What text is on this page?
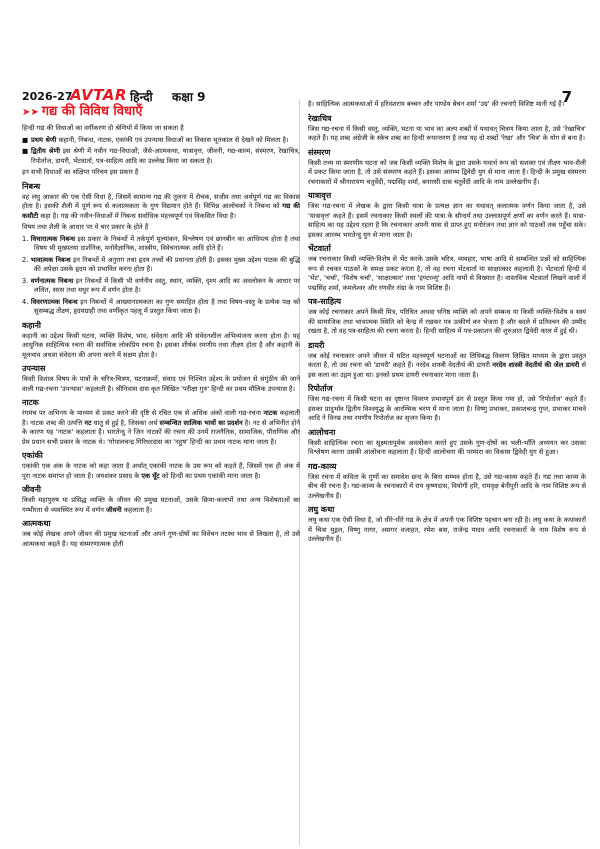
2026-27
AVTAR हिन्दी कक्षा 9	7
➤➤ गद्य की विविध विधाएँ

हिन्दी गद्य की विधाओं का वर्गीकरण दो श्रेणियों में किया जा सकता है

■ प्रथम श्रेणी कहानी, निबन्ध, नाटक, एकांकी एवं उपन्यास विधाओं का विकास भूतकाल से देखने को मिलता है।
■ द्वितीय श्रेणी इस श्रेणी में नवीन गद्य-विधाओं; जैसे-आत्मकथा, यात्रावृत्त, जीवनी, गद्य-काव्य, संस्मरण, रेखाचित्र, रिपोर्ताज, डायरी, भेंटवार्ता, पत्र-साहित्य आदि का उल्लेख किया जा सकता है।

इन सभी विधाओं का संक्षिप्त परिचय इस प्रकार है

निबन्ध

वह लघु आकार की एक ऐसी विधा है, जिसमें सामान्य गद्य की तुलना में रोचक, सजीव तथा अर्थपूर्ण गद्य का विकास होता है। इसकी शैली में पूर्ण रूप से कलात्मकता के गुण विद्यमान होते हैं। विभिन्न आलोचकों ने निबन्ध को गद्य की कसौटी कहा है। गद्य की नवीन-विधाओं में निबन्ध सर्वाधिक महत्त्वपूर्ण एवं विकसित विधा है।

विषय तथा शैली के आधार पर ये चार प्रकार के होते हैं

1. विचारात्मक निबन्ध इस प्रकार के निबन्धों में तर्कपूर्ण मूल्यांकन, विश्लेषण एवं छानबीन का आधिपत्य होता है तथा विषय भी मुख्यतया दार्शनिक, मनोवैज्ञानिक, शास्त्रीय, विवेचनात्मक आदि होते हैं।
2. भावात्मक निबन्ध इन निबन्धों में अनुराग तथा हृदय तत्त्वों की प्रधानता होती है। इसका मुख्य उद्देश्य पाठक की बुद्धि की अपेक्षा उसके हृदय को प्रभावित करना होता है।
3. वर्णनात्मक निबन्ध इन निबन्धों में किसी भी वर्णनीय वस्तु, स्थान, व्यक्ति, दृश्य आदि का अवलोकन के आधार पर ललित, सरस तथा मधुर रूप में वर्णन होता है।
4. विवरणात्मक निबन्ध इन निबन्धों में आख्यानात्मकता का गुण समाहित होता है तथा विषय-वस्तु के प्रत्येक पक्ष को सुसम्बद्ध तीक्ष्ण, हृदयग्राही तथा वर्णीकृत पहलू में प्रस्तुत किया जाता है।
कहानी

कहानी का उद्देश्य किसी घटना, व्यक्ति विशेष, भाव, संवेदना आदि की संवेदनशील अभिव्यंजना करना होता है। यह आधुनिक साहित्यिक रचना की सर्वाधिक लोकप्रिय रचना है। इसका शीर्षक रमणीय तथा तीक्ष्ण होता है और कहानी के मूलभाव अथवा संवेदना की अपना करने में सक्षम होता है।

उपन्यास

किसी विशाल विषय के पात्रों के चरित्र-चित्रण, घटनाक्रमों, संवाद एवं निश्चित उद्देश्य के प्रयोजन से संगुंठीय की जाने वाली गद्य-रचना 'उपन्यास' कहलाती है। श्रीनिवास दास कृत लिखित 'परीक्षा गुरु' हिन्दी का प्रथम मौलिक उपन्यास है।

नाटक

रंगमंच पर अभिनय के माध्यम से प्रकट करने की दृष्टि से रचित एक से अधिक अंकों वाली गद्य-रचना नाटक कहलाती है। नाटक शब्द की उत्पत्ति नट धातु से हुई है, जिसका अर्थ सम्बन्धित सात्विक भावों का प्रदर्शन है। नट से अभिनीत होने के कारण यह 'नाटक' कहलाता है। भारतेन्दु ने जिन नाटकों की रचना की उनमें राजनैतिक, सामाजिक, पौराणिक और प्रेम प्रधान सभी प्रकार के नाटक थे। 'गोपालचन्द्र गिरिधरदास का 'नहुष' हिन्दी का प्रथम नाटक माना जाता है।

एकांकी

एकांकी एक अंक के नाटक को कहा जाता है अर्थात् एकांकी नाटक के उस रूप को कहते हैं, जिसमें एक ही अंक में पूरा नाटक समाप्त हो जाता है। जयशंकर प्रसाद के एक घूँट को हिन्दी का प्रथम एकांकी माना जाता है।

जीवनी

किसी महापुरुष या प्रसिद्ध व्यक्ति के जीवन की प्रमुख घटनाओं, उसके क्रिया-कलापों तथा अन्य विशेषताओं का गम्भीरता से व्यवस्थित रूप में वर्णन जीवनी कहलाता है।

आत्मकथा

जब कोई लेखक अपने जीवन की प्रमुख घटनाओं और अपने गुण-दोषों का विवेचन तटस्थ भाव से लिखता है, तो उसे आत्मकथा कहते हैं। यह संस्मरणात्मक होती

है। साहित्यिक आत्मकथाओं में हरिवंशराय बच्चन और पाण्डेय बेचन शर्मा 'उग्र' की रचनाएँ विशिष्ट मानी गई हैं।

रेखाचित्र

जिस गद्य-रचना में किसी वस्तु, व्यक्ति, घटना या भाव का अल्प शब्दों में यथावत् चित्रण किया जाता है, उसे 'रेखाचित्र' कहते हैं। यह शब्द अंग्रेजी के स्केच शब्द का हिन्दी रूपान्तरण है तथा यह दो शब्दों 'रेखा' और 'चित्र' के योग से बना है।

संस्मरण

किसी तथ्य या स्मरणीय घटना को जब किसी व्यक्ति विशेष के द्वारा उसके यथार्थ रूप को सशक्त एवं तीक्ष्ण भाव-शैली में प्रकट किया जाता है, तो उसे संस्मरण कहते हैं। इसका आरम्भ द्विवेदी युग से माना जाता है। हिन्दी के प्रमुख संस्मरण रचनाकारों में श्रीनारायण चतुर्वेदी, पद्मसिंह शर्मा, बनारसी दास चतुर्वेदी आदि के नाम उल्लेखनीय हैं।

यात्रावृत्त

जिस गद्य-रचना में लेखक के द्वारा किसी यात्रा के प्रत्यक्ष ज्ञान का यथावत् कलात्मक वर्णन किया जाता है, उसे 'यात्रावृत्त' कहते हैं। इसमें रचनाकार किसी स्थलों की यात्रा के सौन्दर्य तथा उल्लासपूर्ण क्षणों का वर्णन करते हैं। यात्रा-साहित्य का यह उद्देश्य रहता है कि रचनाकार अपनी यात्रा से प्राप्त हुए मनोरंजन तथा ज्ञान को पाठकों तक पहुँचा सके। इसका आरम्भ भारतेन्दु युग से माना जाता है।

भेंटवार्ता

जब रचनाकार किसी व्यक्ति-विशेष से भेंट करके उसके चरित्र, व्यवहार, भाषा आदि से सम्बन्धित प्रश्नों को साहित्यिक रूप से रचकर पाठकों के समक्ष प्रकट करता है, तो वह रचना भेंटवार्ता या साक्षात्कार कहलाती है। भेंटवार्ता हिन्दी में 'भेंट', 'चर्चा', 'विशेष चर्चा', 'साक्षात्कार' तथा 'इण्टरव्यू' आदि नामों से विख्यात है। वास्तविक भेंटवार्ता लिखने वालों में पद्मसिंह शर्मा, कमलेश्वर और रणवीर रांग्रा के नाम विशिष्ट हैं।

पत्र-साहित्य

जब कोई रचनाकार अपने किसी मित्र, परिचित अथवा घनिष्ठ व्यक्ति को अपने सम्बन्ध या किसी व्यक्ति-विशेष व स्वयं की सामाजिक तथा भावात्मक स्थिति को केन्द्र में रखकर पत्र उत्कीर्ण कर भेजता है और बदले में प्रतिवचन की उम्मीद रखता है, तो वह पत्र-साहित्य की रचना करता है। हिन्दी साहित्य में पत्र-प्रकाशन की शुरुआत द्विवेदी काल में हुई थी।

डायरी

जब कोई रचनाकार अपने जीवन में घटित महत्त्वपूर्ण घटनाओं का तिथिबद्ध विवरण लिखित माध्यम के द्वारा प्रस्तुत करता है, तो उस रचना को 'डायरी' कहते हैं। नरदेव शास्त्री वेदतीर्थ की डायरी नरदेव शास्त्री वेदतीर्थ की जेल डायरी से इस कला का उद्गम हुआ था। इनको प्रथम डायरी रचनाकार माना जाता है।

रिपोर्ताज

जिस गद्य-रचना में किसी घटना का दृष्टान्त विवरण प्रभावपूर्ण ढंग से प्रस्तुत किया गया हो, उसे 'रिपोर्ताज' कहते हैं। इसका प्रादुर्भाव द्वितीय विश्वयुद्ध के आरम्भिक चरण में माना जाता है। विष्णु प्रभाकर, प्रकाशचन्द्र गुप्त, प्रभाकर माचवे आदि ने विनम्र तथा रमणीय रिपोर्ताज का सृजन किया है।

आलोचना

किसी साहित्यिक रचना का सूक्ष्मतापूर्वक अवलोकन करते हुए उसके गुण-दोषों का भली-भाँति अध्ययन कर उसका विश्लेषण करना उसकी आलोचना कहलाता है। हिन्दी आलोचना की परम्परा का विकास द्विवेदी युग से हुआ।

गद्य-काव्य

जिस रचना में कविता के गुणों का समावेश छन्द के बिना सम्भव होता है, उसे गद्य-काव्य कहते हैं। गद्य तथा काव्य के बीच की रचना है। गद्य-काव्य के रचनाकारों में राय कृष्णदास, वियोगी हरि, रामवृक्ष बेनीपुरी आदि के नाम विशिष्ट रूप से उल्लेखनीय हैं।

लघु कथा

लघु कथा एक ऐसी विधा है, जो धीरे-धीरे गद्य के क्षेत्र में अपनी एक विशिष्ट पहचान बना रही है। लघु कथा के कथाकारों में चित्रा मुद्गल, विष्णु नागर, असगर वजाहत, रमेश बत्रा, राजेन्द्र यादव आदि रचनाकारों के नाम विशेष रूप से उल्लेखनीय हैं।
